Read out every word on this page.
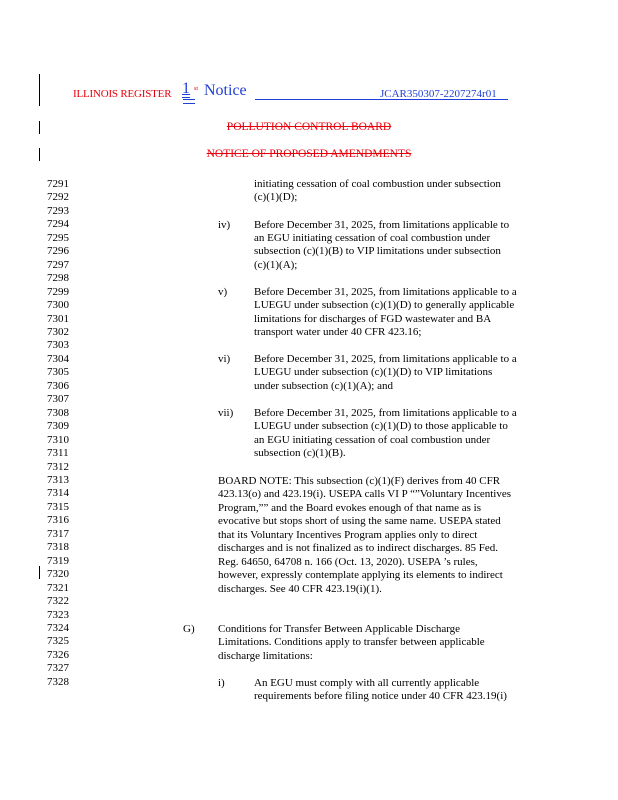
ILLINOIS REGISTER 1 st Notice	JCAR350307-2207274r01
POLLUTION CONTROL BOARD
NOTICE OF PROPOSED AMENDMENTS
7291
7292
7293
7294
7295
7296
7297
7298
7299
7300
7301
7302
7303
7304
7305
7306
7307
7308
7309
7310
7311
7312
7313
7314
7315
7316
7317
7318
7319
7320
7321
7322
7323
7324
7325
7326
7327
7328
initiating cessation of coal combustion under subsection
(c)(1)(D);
iv) Before December 31, 2025, from limitations applicable to
an EGU initiating cessation of coal combustion under
subsection (c)(1)(B) to VIP limitations under subsection
(c)(1)(A);
v) Before December 31, 2025, from limitations applicable to a
LUEGU under subsection (c)(1)(D) to generally applicable
limitations for discharges of FGD wastewater and BA
transport water under 40 CFR 423.16;
vi) Before December 31, 2025, from limitations applicable to a
LUEGU under subsection (c)(1)(D) to VIP limitations
under subsection (c)(1)(A); and
vii) Before December 31, 2025, from limitations applicable to a
LUEGU under subsection (c)(1)(D) to those applicable to
an EGU initiating cessation of coal combustion under
subsection (c)(1)(B).
BOARD NOTE: This subsection (c)(1)(F) derives from 40 CFR
423.13(o) and 423.19(i). USEPA calls VI P “”Voluntary Incentives
Program,”” and the Board evokes enough of that name as is
evocative but stops short of using the same name. USEPA stated
that its Voluntary Incentives Program applies only to direct
discharges and is not finalized as to indirect discharges. 85 Fed.
Reg. 64650, 64708 n. 166 (Oct. 13, 2020). USEPA ’s rules,
however, expressly contemplate applying its elements to indirect
discharges. See 40 CFR 423.19(i)(1).
G) Conditions for Transfer Between Applicable Discharge
Limitations. Conditions apply to transfer between applicable
discharge limitations:
i)	An EGU must comply with all currently applicable
requirements before filing notice under 40 CFR 423.19(i)
